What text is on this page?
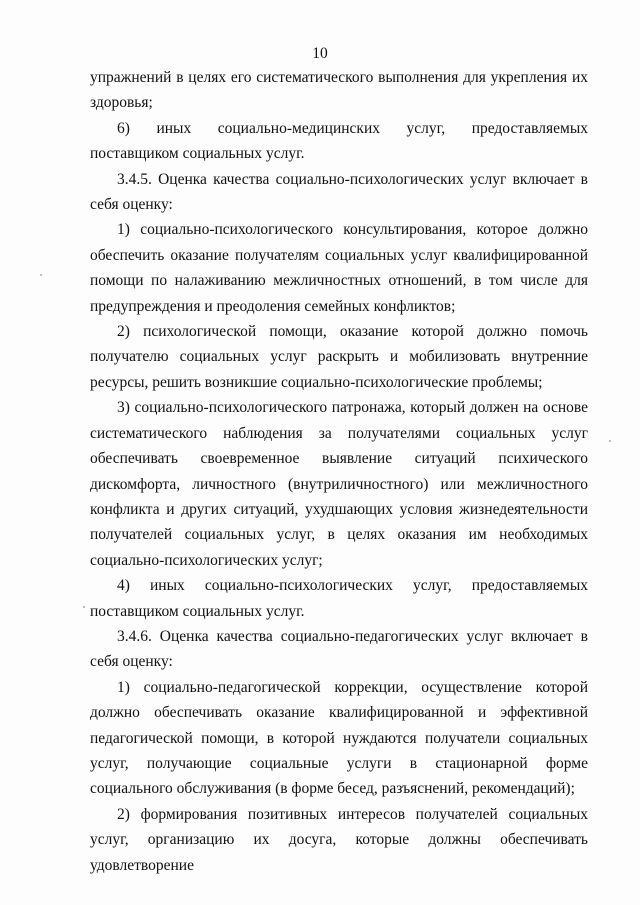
10

упражнений в целях его систематического выполнения для укрепления их здоровья;

6) иных социально-медицинских услуг, предоставляемых поставщиком социальных услуг.

3.4.5. Оценка качества социально-психологических услуг включает в себя оценку:

1) социально-психологического консультирования, которое должно обеспечить оказание получателям социальных услуг квалифицированной помощи по налаживанию межличностных отношений, в том числе для предупреждения и преодоления семейных конфликтов;

2) психологической помощи, оказание которой должно помочь получателю социальных услуг раскрыть и мобилизовать внутренние ресурсы, решить возникшие социально-психологические проблемы;

3) социально-психологического патронажа, который должен на основе систематического наблюдения за получателями социальных услуг обеспечивать своевременное выявление ситуаций психического дискомфорта, личностного (внутриличностного) или межличностного конфликта и других ситуаций, ухудшающих условия жизнедеятельности получателей социальных услуг, в целях оказания им необходимых социально-психологических услуг;

4) иных социально-психологических услуг, предоставляемых поставщиком социальных услуг.

3.4.6. Оценка качества социально-педагогических услуг включает в себя оценку:

1) социально-педагогической коррекции, осуществление которой должно обеспечивать оказание квалифицированной и эффективной педагогической помощи, в которой нуждаются получатели социальных услуг, получающие социальные услуги в стационарной форме социального обслуживания (в форме бесед, разъяснений, рекомендаций);

2) формирования позитивных интересов получателей социальных услуг, организацию их досуга, которые должны обеспечивать удовлетворение
